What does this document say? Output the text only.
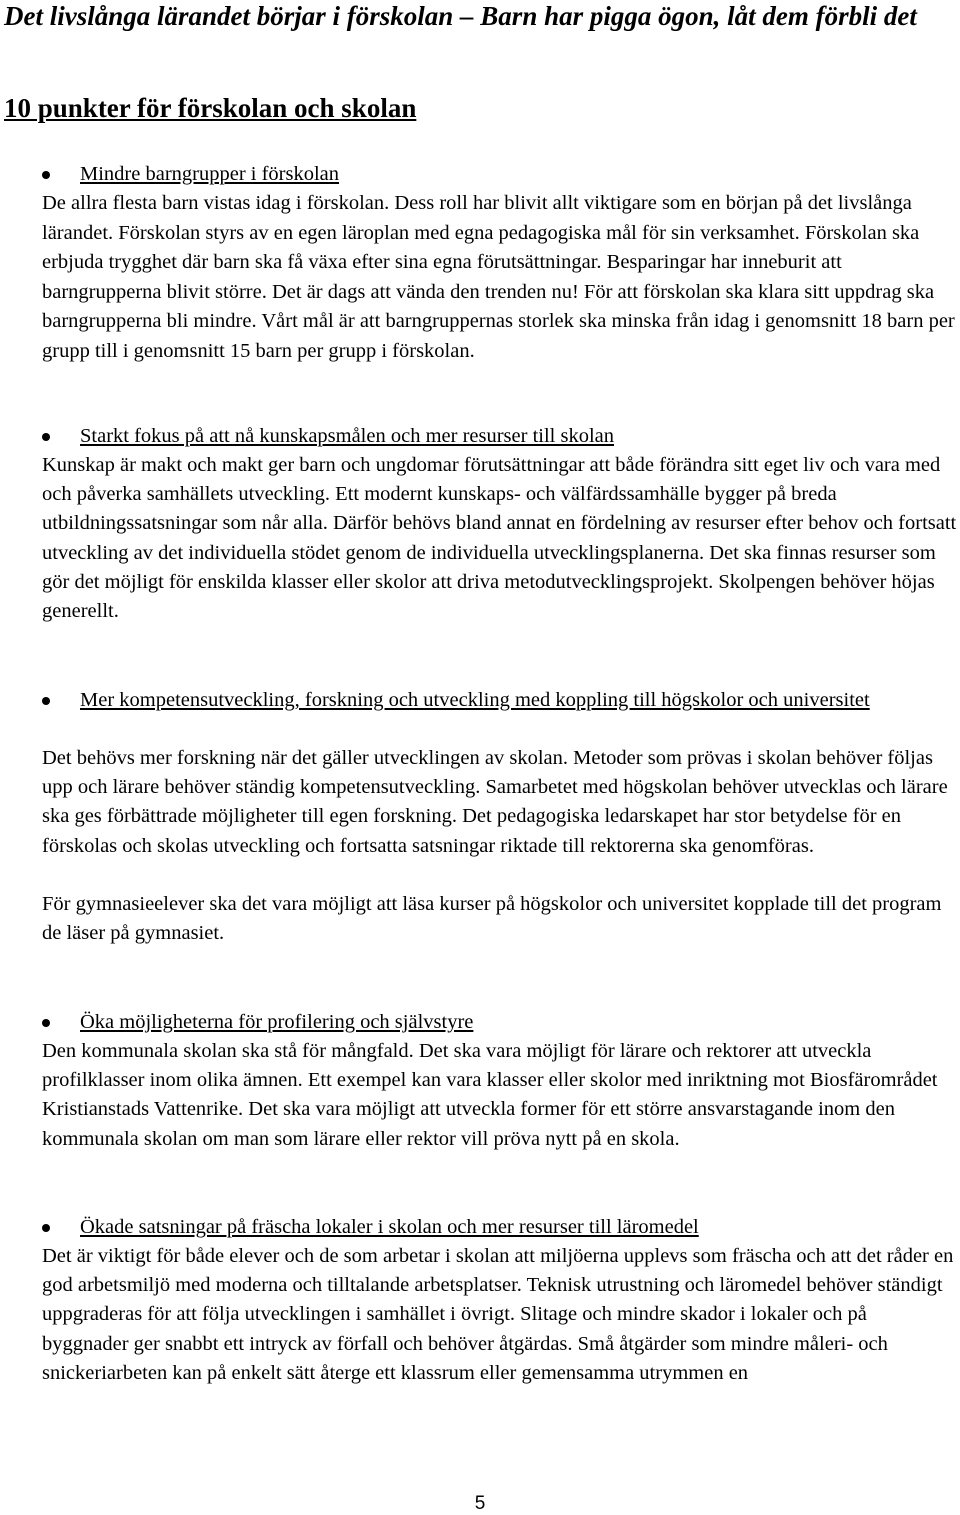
Det livslånga lärandet börjar i förskolan – Barn har pigga ögon, låt dem förbli det
10 punkter för förskolan och skolan
Mindre barngrupper i förskolan

De allra flesta barn vistas idag i förskolan. Dess roll har blivit allt viktigare som en början på det livslånga lärandet. Förskolan styrs av en egen läroplan med egna pedagogiska mål för sin verksamhet. Förskolan ska erbjuda trygghet där barn ska få växa efter sina egna förutsättningar. Besparingar har inneburit att barngrupperna blivit större. Det är dags att vända den trenden nu! För att förskolan ska klara sitt uppdrag ska barngrupperna bli mindre. Vårt mål är att barngruppernas storlek ska minska från idag i genomsnitt 18 barn per grupp till i genomsnitt 15 barn per grupp i förskolan.

Starkt fokus på att nå kunskapsmålen och mer resurser till skolan

Kunskap är makt och makt ger barn och ungdomar förutsättningar att både förändra sitt eget liv och vara med och påverka samhällets utveckling. Ett modernt kunskaps- och välfärdssamhälle bygger på breda utbildningssatsningar som når alla. Därför behövs bland annat en fördelning av resurser efter behov och fortsatt utveckling av det individuella stödet genom de individuella utvecklingsplanerna. Det ska finnas resurser som gör det möjligt för enskilda klasser eller skolor att driva metodutvecklingsprojekt. Skolpengen behöver höjas generellt.

Mer kompetensutveckling, forskning och utveckling med koppling till högskolor och universitet

Det behövs mer forskning när det gäller utvecklingen av skolan. Metoder som prövas i skolan behöver följas upp och lärare behöver ständig kompetensutveckling. Samarbetet med högskolan behöver utvecklas och lärare ska ges förbättrade möjligheter till egen forskning. Det pedagogiska ledarskapet har stor betydelse för en förskolas och skolas utveckling och fortsatta satsningar riktade till rektorerna ska genomföras.

För gymnasieelever ska det vara möjligt att läsa kurser på högskolor och universitet kopplade till det program de läser på gymnasiet.

Öka möjligheterna för profilering och självstyre

Den kommunala skolan ska stå för mångfald. Det ska vara möjligt för lärare och rektorer att utveckla profilklasser inom olika ämnen. Ett exempel kan vara klasser eller skolor med inriktning mot Biosfärområdet Kristianstads Vattenrike. Det ska vara möjligt att utveckla former för ett större ansvarstagande inom den kommunala skolan om man som lärare eller rektor vill pröva nytt på en skola.

Ökade satsningar på fräscha lokaler i skolan och mer resurser till läromedel

Det är viktigt för både elever och de som arbetar i skolan att miljöerna upplevs som fräscha och att det råder en god arbetsmiljö med moderna och tilltalande arbetsplatser. Teknisk utrustning och läromedel behöver ständigt uppgraderas för att följa utvecklingen i samhället i övrigt. Slitage och mindre skador i lokaler och på byggnader ger snabbt ett intryck av förfall och behöver åtgärdas. Små åtgärder som mindre måleri- och snickeriarbeten kan på enkelt sätt återge ett klassrum eller gemensamma utrymmen en

5
